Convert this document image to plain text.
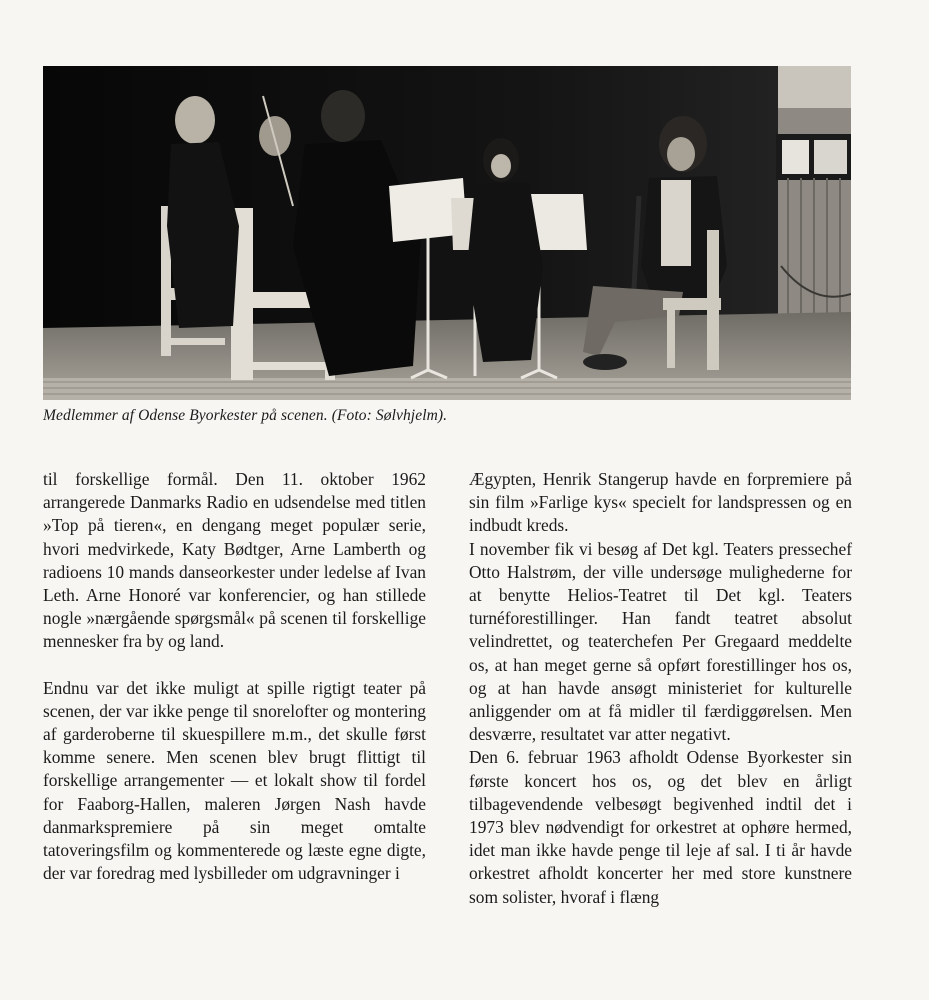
Medlemmer af Odense Byorkester på scenen. (Foto: Sølvhjelm).

til forskellige formål. Den 11. oktober 1962 arrangerede Danmarks Radio en udsendelse med titlen »Top på tieren«, en dengang meget populær serie, hvori medvirkede, Katy Bødtger, Arne Lamberth og radioens 10 mands danseorkester under ledelse af Ivan Leth. Arne Honoré var konferencier, og han stillede nogle »nærgående spørgsmål« på scenen til forskellige mennesker fra by og land.

Endnu var det ikke muligt at spille rigtigt teater på scenen, der var ikke penge til snorelofter og montering af garderoberne til skuespillere m.m., det skulle først komme senere. Men scenen blev brugt flittigt til forskellige arrangementer — et lokalt show til fordel for Faaborg-Hallen, maleren Jørgen Nash havde danmarkspremiere på sin meget omtalte tatoveringsfilm og kommenterede og læste egne digte, der var foredrag med lysbilleder om udgravninger i

Ægypten, Henrik Stangerup havde en forpremiere på sin film »Farlige kys« specielt for landspressen og en indbudt kreds.

I november fik vi besøg af Det kgl. Teaters pressechef Otto Halstrøm, der ville undersøge mulighederne for at benytte Helios-Teatret til Det kgl. Teaters turnéforestillinger. Han fandt teatret absolut velindrettet, og teaterchefen Per Gregaard meddelte os, at han meget gerne så opført forestillinger hos os, og at han havde ansøgt ministeriet for kulturelle anliggender om at få midler til færdiggørelsen. Men desværre, resultatet var atter negativt.

Den 6. februar 1963 afholdt Odense Byorkester sin første koncert hos os, og det blev en årligt tilbagevendende velbesøgt begivenhed indtil det i 1973 blev nødvendigt for orkestret at ophøre hermed, idet man ikke havde penge til leje af sal. I ti år havde orkestret afholdt koncerter her med store kunstnere som solister, hvoraf i flæng
